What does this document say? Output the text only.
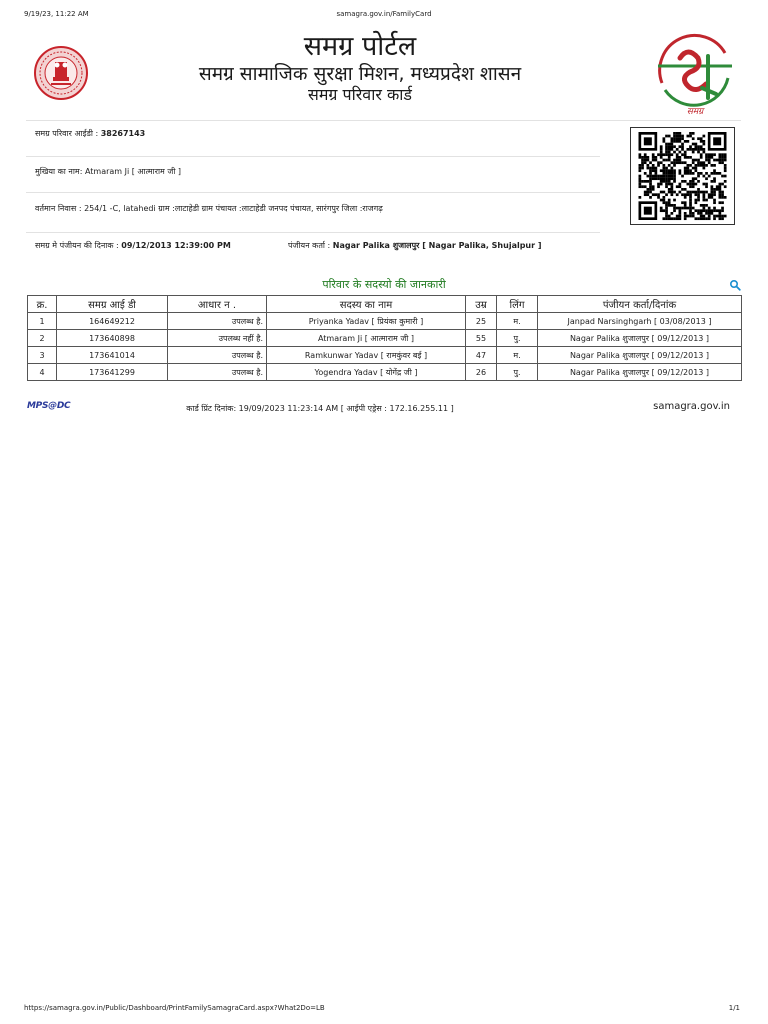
9/19/23, 11:22 AM	samagra.gov.in/FamilyCard
समग्र पोर्टल
समग्र सामाजिक सुरक्षा मिशन, मध्यप्रदेश शासन
समग्र परिवार कार्ड
समग्र
समग्र परिवार आईडी : 38267143
मुखिया का नाम: Atmaram Ji [ आत्माराम जी ]
वर्तमान निवास : 254/1 -C, latahedi ग्राम :लाटाहेडी ग्राम पंचायत :लाटाहेडी जनपद पंचायत, सारंगपुर जिला :राजगढ़
समग्र मे पंजीयन की दिनाक : 09/12/2013 12:39:00 PM	पंजीयन कर्ता : Nagar Palika शुजालपुर [ Nagar Palika, Shujalpur ]
परिवार के सदस्यो की जानकारी
क्र.	समग्र आई डी	आधार न .	सदस्य का नाम	उम्र	लिंग	पंजीयन कर्ता/दिनांक
1	164649212	उपलब्ध है.	Priyanka Yadav [ प्रियंका कुमारी ]	25	म.	Janpad Narsinghgarh [ 03/08/2013 ]
2	173640898	उपलब्ध नहीं है.	Atmaram Ji [ आत्माराम जी ]	55	पु.	Nagar Palika शुजालपुर [ 09/12/2013 ]
3	173641014	उपलब्ध है.	Ramkunwar Yadav [ रामकुंवर बई ]	47	म.	Nagar Palika शुजालपुर [ 09/12/2013 ]
4	173641299	उपलब्ध है.	Yogendra Yadav [ योगेंद्र जी ]	26	पु.	Nagar Palika शुजालपुर [ 09/12/2013 ]
MPS@DC	कार्ड प्रिंट दिनांक: 19/09/2023 11:23:14 AM [ आईपी एड्रेस : 172.16.255.11 ]	samagra.gov.in
https://samagra.gov.in/Public/Dashboard/PrintFamilySamagraCard.aspx?What2Do=LB	1/1
